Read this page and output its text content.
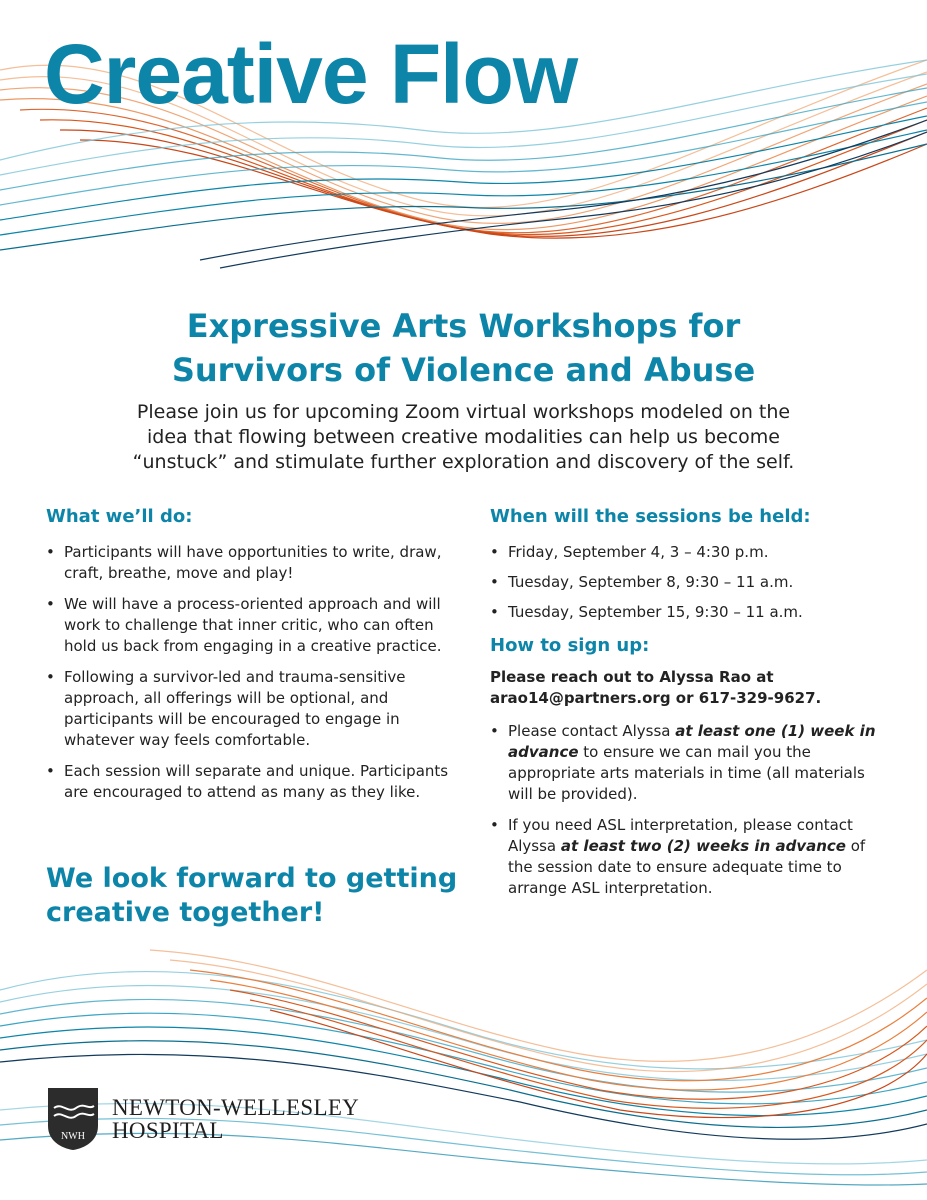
Creative Flow
Expressive Arts Workshops for
Survivors of Violence and Abuse
Please join us for upcoming Zoom virtual workshops modeled on the
idea that flowing between creative modalities can help us become
“unstuck” and stimulate further exploration and discovery of the self.
What we’ll do:
• Participants will have opportunities to write, draw, craft, breathe, move and play!
• We will have a process-oriented approach and will work to challenge that inner critic, who can often hold us back from engaging in a creative practice.
• Following a survivor-led and trauma-sensitive approach, all offerings will be optional, and participants will be encouraged to engage in whatever way feels comfortable.
• Each session will separate and unique. Participants are encouraged to attend as many as they like.
We look forward to getting
creative together!
When will the sessions be held:
• Friday, September 4, 3 – 4:30 p.m.
• Tuesday, September 8, 9:30 – 11 a.m.
• Tuesday, September 15, 9:30 – 11 a.m.
How to sign up:
Please reach out to Alyssa Rao at
arao14@partners.org or 617-329-9627.
• Please contact Alyssa at least one (1) week in advance to ensure we can mail you the appropriate arts materials in time (all materials will be provided).
• If you need ASL interpretation, please contact Alyssa at least two (2) weeks in advance of the session date to ensure adequate time to arrange ASL interpretation.
NWH
NEWTON-WELLESLEY
HOSPITAL
